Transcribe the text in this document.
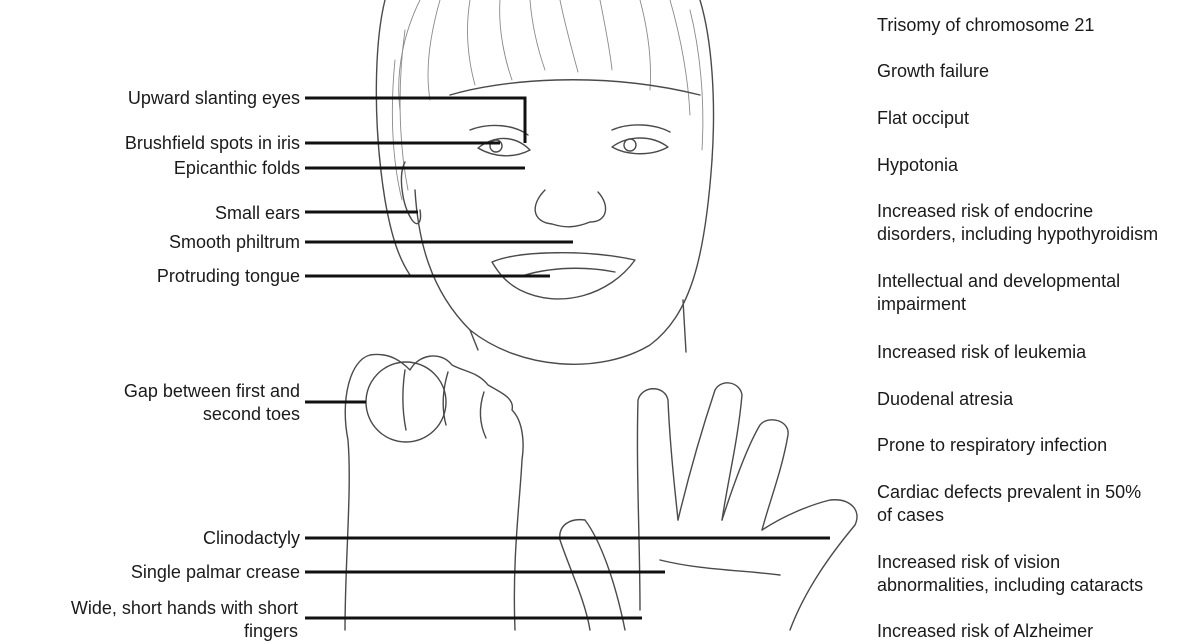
Upward slanting eyes
Brushfield spots in iris
Epicanthic folds
Small ears
Smooth philtrum
Protruding tongue
Gap between first and
second toes
Clinodactyly
Single palmar crease
Wide, short hands with short
fingers
Trisomy of chromosome 21
Growth failure
Flat occiput
Hypotonia
Increased risk of endocrine
disorders, including hypothyroidism
Intellectual and developmental
impairment
Increased risk of leukemia
Duodenal atresia
Prone to respiratory infection
Cardiac defects prevalent in 50%
of cases
Increased risk of vision
abnormalities, including cataracts
Increased risk of Alzheimer
